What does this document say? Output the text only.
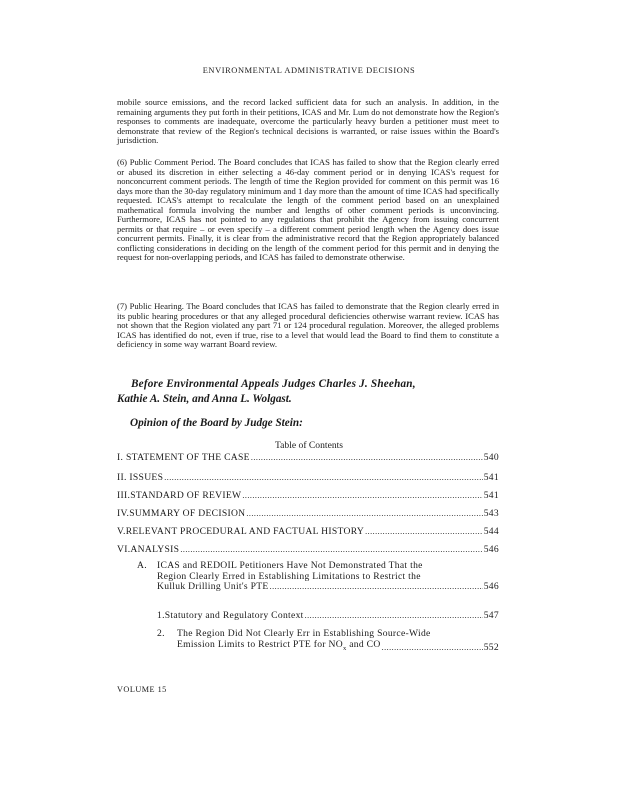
ENVIRONMENTAL ADMINISTRATIVE DECISIONS

mobile source emissions, and the record lacked sufficient data for such an analysis. In addition, in the remaining arguments they put forth in their petitions, ICAS and Mr. Lum do not demonstrate how the Region's responses to comments are inadequate, overcome the particularly heavy burden a petitioner must meet to demonstrate that review of the Region's technical decisions is warranted, or raise issues within the Board's jurisdiction.

(6) Public Comment Period. The Board concludes that ICAS has failed to show that the Region clearly erred or abused its discretion in either selecting a 46-day comment period or in denying ICAS's request for nonconcurrent comment periods. The length of time the Region provided for comment on this permit was 16 days more than the 30-day regulatory minimum and 1 day more than the amount of time ICAS had specifically requested. ICAS's attempt to recalculate the length of the comment period based on an unexplained mathematical formula involving the number and lengths of other comment periods is unconvincing. Furthermore, ICAS has not pointed to any regulations that prohibit the Agency from issuing concurrent permits or that require – or even specify – a different comment period length when the Agency does issue concurrent permits. Finally, it is clear from the administrative record that the Region appropriately balanced conflicting considerations in deciding on the length of the comment period for this permit and in denying the request for non-overlapping periods, and ICAS has failed to demonstrate otherwise.

(7) Public Hearing. The Board concludes that ICAS has failed to demonstrate that the Region clearly erred in its public hearing procedures or that any alleged procedural deficiencies otherwise warrant review. ICAS has not shown that the Region violated any part 71 or 124 procedural regulation. Moreover, the alleged problems ICAS has identified do not, even if true, rise to a level that would lead the Board to find them to constitute a deficiency in some way warrant Board review.

Before Environmental Appeals Judges Charles J. Sheehan,
Kathie A. Stein, and Anna L. Wolgast.

Opinion of the Board by Judge Stein:

Table of Contents
I. STATEMENT OF THE CASE .....	540
II. ISSUES .....	541
III. STANDARD OF REVIEW .....	541
IV. SUMMARY OF DECISION .....	543
V. RELEVANT PROCEDURAL AND FACTUAL HISTORY .....	544
VI. ANALYSIS .....	546
A.	ICAS and REDOIL Petitioners Have Not Demonstrated That the
Region Clearly Erred in Establishing Limitations to Restrict the
Kulluk Drilling Unit's PTE .....	546
1. Statutory and Regulatory Context .....	547
2.	The Region Did Not Clearly Err in Establishing Source-Wide
Emission Limits to Restrict PTE for $NO_x$ and CO .....	552
VOLUME 15
